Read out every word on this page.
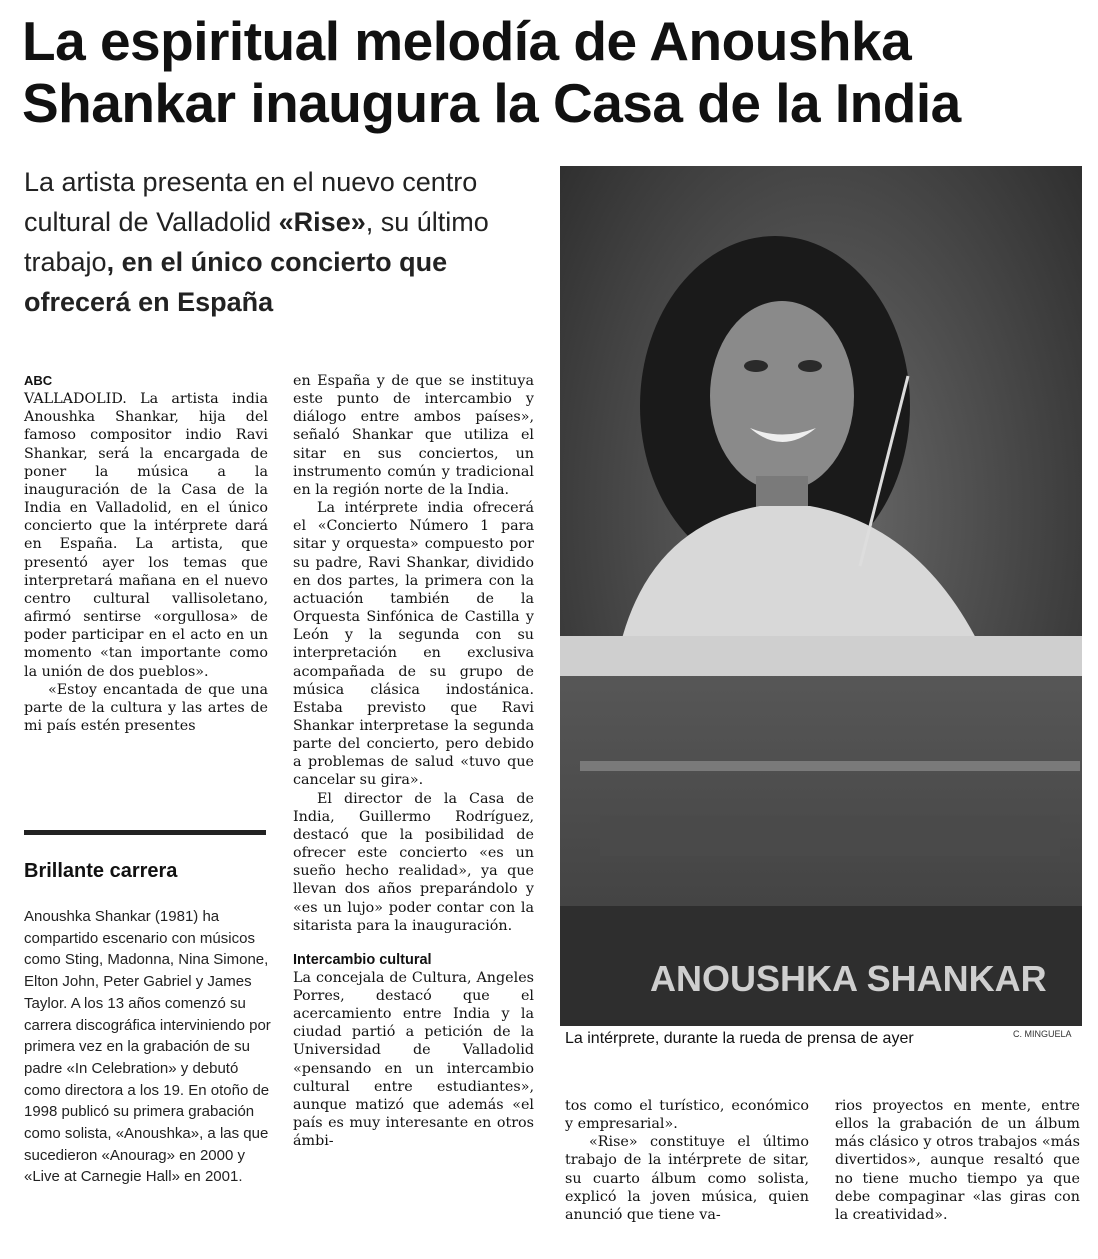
La espiritual melodía de Anoushka
Shankar inaugura la Casa de la India
La artista presenta en el nuevo centro cultural de Valladolid «Rise», su último trabajo, en el único concierto que ofrecerá en España
ABC

VALLADOLID. La artista india Anoushka Shankar, hija del famoso compositor indio Ravi Shankar, será la encargada de poner la música a la inauguración de la Casa de la India en Valladolid, en el único concierto que la intérprete dará en España. La artista, que presentó ayer los temas que interpretará mañana en el nuevo centro cultural vallisoletano, afirmó sentirse «orgullosa» de poder participar en el acto en un momento «tan importante como la unión de dos pueblos».

«Estoy encantada de que una parte de la cultura y las artes de mi país estén presentes

Brillante carrera
Anoushka Shankar (1981) ha compartido escenario con músicos como Sting, Madonna, Nina Simone, Elton John, Peter Gabriel y James Taylor. A los 13 años comenzó su carrera discográfica interviniendo por primera vez en la grabación de su padre «In Celebration» y debutó como directora a los 19. En otoño de 1998 publicó su primera grabación como solista, «Anoushka», a las que sucedieron «Anourag» en 2000 y «Live at Carnegie Hall» en 2001.

en España y de que se instituya este punto de intercambio y diálogo entre ambos países», señaló Shankar que utiliza el sitar en sus conciertos, un instrumento común y tradicional en la región norte de la India.

La intérprete india ofrecerá el «Concierto Número 1 para sitar y orquesta» compuesto por su padre, Ravi Shankar, dividido en dos partes, la primera con la actuación también de la Orquesta Sinfónica de Castilla y León y la segunda con su interpretación en exclusiva acompañada de su grupo de música clásica indostánica. Estaba previsto que Ravi Shankar interpretase la segunda parte del concierto, pero debido a problemas de salud «tuvo que cancelar su gira».

El director de la Casa de India, Guillermo Rodríguez, destacó que la posibilidad de ofrecer este concierto «es un sueño hecho realidad», ya que llevan dos años preparándolo y «es un lujo» poder contar con la sitarista para la inauguración.

Intercambio cultural

La concejala de Cultura, Angeles Porres, destacó que el acercamiento entre India y la ciudad partió a petición de la Universidad de Valladolid «pensando en un intercambio cultural entre estudiantes», aunque matizó que además «el país es muy interesante en otros ámbi-

ANOUSHKA SHANKAR
La intérprete, durante la rueda de prensa de ayer	C. MINGUELA

tos como el turístico, económico y empresarial».

«Rise» constituye el último trabajo de la intérprete de sitar, su cuarto álbum como solista, explicó la joven música, quien anunció que tiene va-

rios proyectos en mente, entre ellos la grabación de un álbum más clásico y otros trabajos «más divertidos», aunque resaltó que no tiene mucho tiempo ya que debe compaginar «las giras con la creatividad».
